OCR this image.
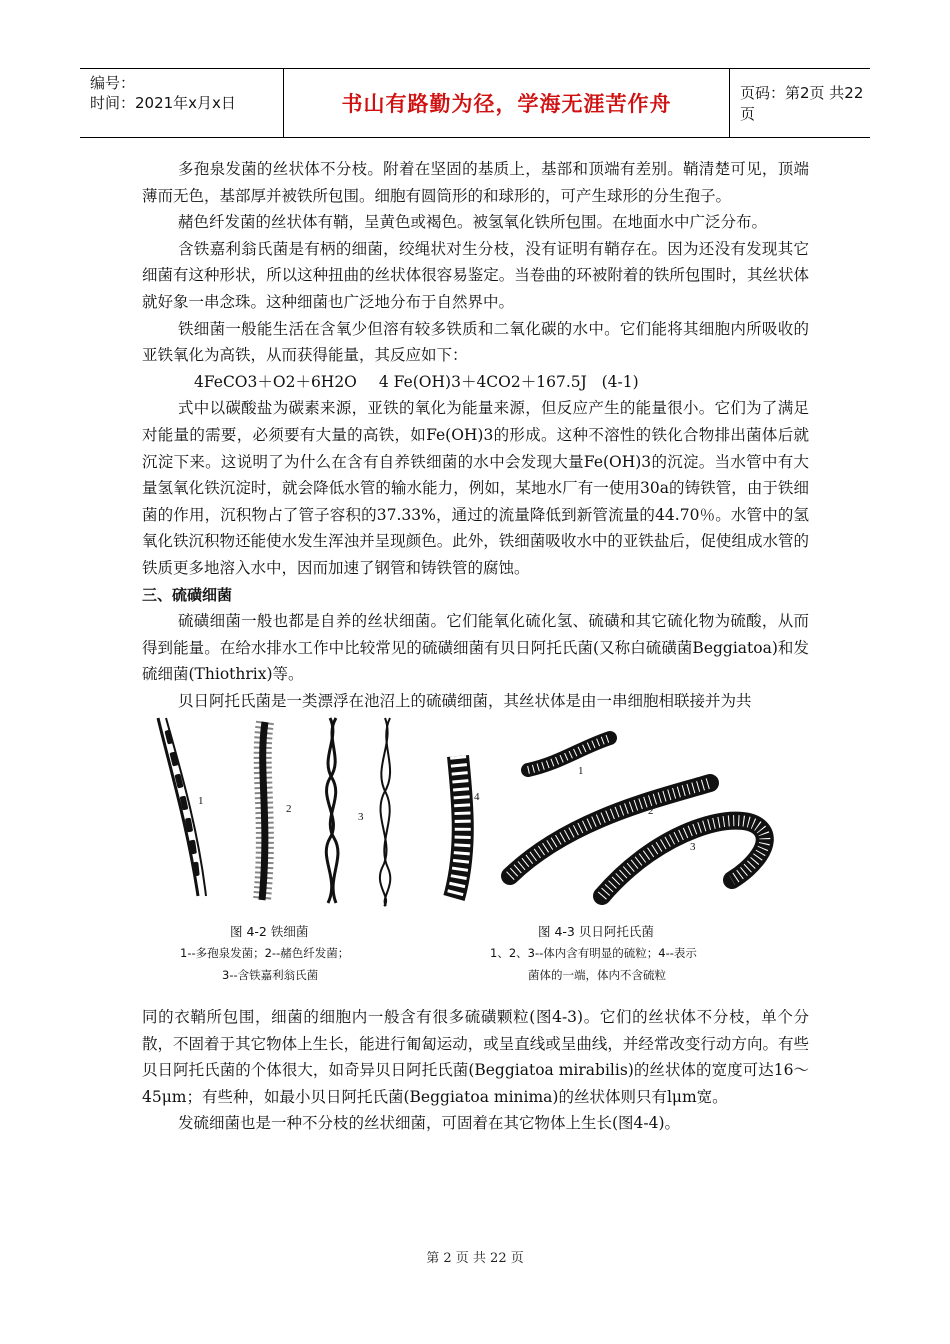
编号：
时间：2021年x月x日	书山有路勤为径，学海无涯苦作舟	页码：第2页 共22页

多孢泉发菌的丝状体不分枝。附着在坚固的基质上，基部和顶端有差别。鞘清楚可见，顶端薄而无色，基部厚并被铁所包围。细胞有圆筒形的和球形的，可产生球形的分生孢子。

赭色纤发菌的丝状体有鞘，呈黄色或褐色。被氢氧化铁所包围。在地面水中广泛分布。

含铁嘉利翁氏菌是有柄的细菌，绞绳状对生分枝，没有证明有鞘存在。因为还没有发现其它细菌有这种形状，所以这种扭曲的丝状体很容易鉴定。当卷曲的环被附着的铁所包围时，其丝状体就好象一串念珠。这种细菌也广泛地分布于自然界中。

铁细菌一般能生活在含氧少但溶有较多铁质和二氧化碳的水中。它们能将其细胞内所吸收的亚铁氧化为高铁，从而获得能量，其反应如下：

4FeCO3＋O2＋6H2O 4 Fe(OH)3＋4CO2＋167.5J (4-1)

式中以碳酸盐为碳素来源，亚铁的氧化为能量来源，但反应产生的能量很小。它们为了满足对能量的需要，必须要有大量的高铁，如Fe(OH)3的形成。这种不溶性的铁化合物排出菌体后就沉淀下来。这说明了为什么在含有自养铁细菌的水中会发现大量Fe(OH)3的沉淀。当水管中有大量氢氧化铁沉淀时，就会降低水管的输水能力，例如，某地水厂有一使用30a的铸铁管，由于铁细菌的作用，沉积物占了管子容积的37.33%，通过的流量降低到新管流量的44.70％。水管中的氢氧化铁沉积物还能使水发生浑浊并呈现颜色。此外，铁细菌吸收水中的亚铁盐后，促使组成水管的铁质更多地溶入水中，因而加速了钢管和铸铁管的腐蚀。

三、硫磺细菌

硫磺细菌一般也都是自养的丝状细菌。它们能氧化硫化氢、硫磺和其它硫化物为硫酸，从而得到能量。在给水排水工作中比较常见的硫磺细菌有贝日阿托氏菌(又称白硫磺菌Beggiatoa)和发硫细菌(Thiothrix)等。

贝日阿托氏菌是一类漂浮在池沼上的硫磺细菌，其丝状体是由一串细胞相联接并为共

1
2
3
4
1
2
3
图 4-2 铁细菌
1--多孢泉发菌；2--赭色纤发菌；
3--含铁嘉利翁氏菌
图 4-3 贝日阿托氏菌
1、2、3--体内含有明显的硫粒；4--表示
菌体的一端，体内不含硫粒

同的衣鞘所包围，细菌的细胞内一般含有很多硫磺颗粒(图4-3)。它们的丝状体不分枝，单个分散，不固着于其它物体上生长，能进行匍匐运动，或呈直线或呈曲线，并经常改变行动方向。有些贝日阿托氏菌的个体很大，如奇异贝日阿托氏菌(Beggiatoa mirabilis)的丝状体的宽度可达16～45μm；有些种，如最小贝日阿托氏菌(Beggiatoa minima)的丝状体则只有lμm宽。

发硫细菌也是一种不分枝的丝状细菌，可固着在其它物体上生长(图4-4)。

第 2 页 共 22 页
